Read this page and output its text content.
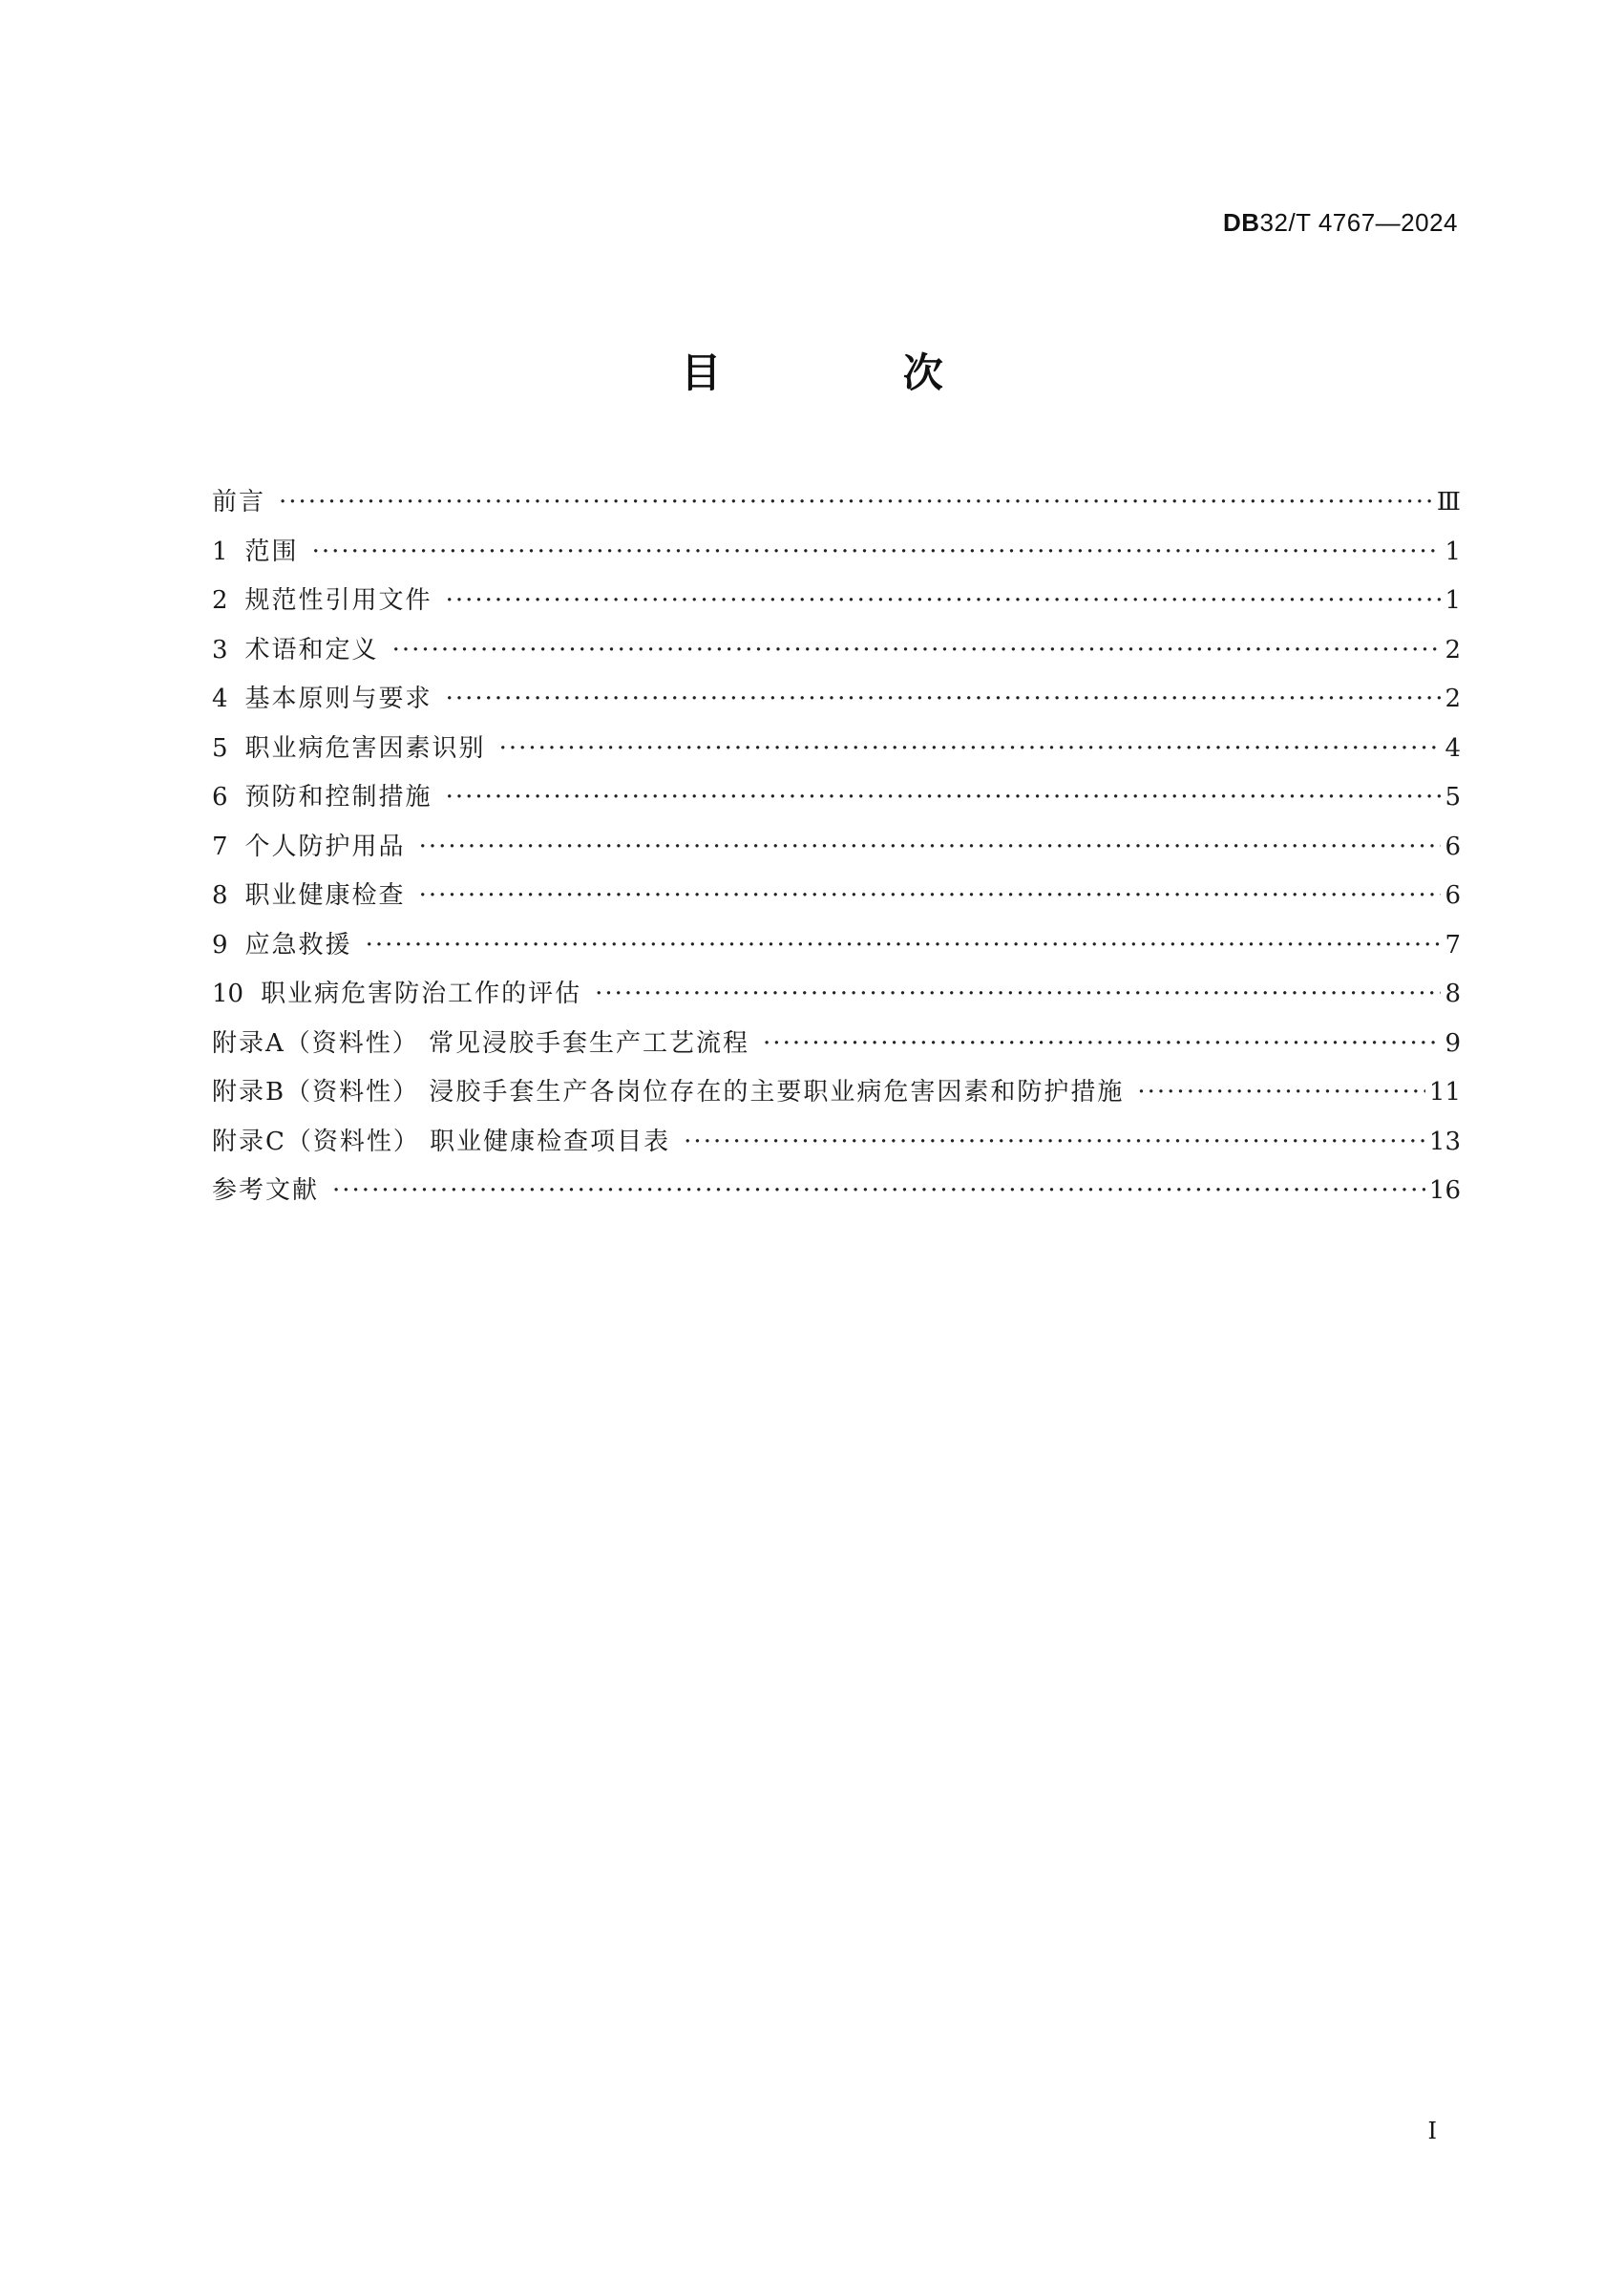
DB32/T 4767—2024
目 次
前言 ·····	Ⅲ
1 范围 ·····	1
2 规范性引用文件 ·····	1
3 术语和定义 ·····	2
4 基本原则与要求 ·····	2
5 职业病危害因素识别 ·····	4
6 预防和控制措施 ·····	5
7 个人防护用品 ·····	6
8 职业健康检查 ·····	6
9 应急救援 ·····	7
10 职业病危害防治工作的评估 ·····	8
附录A（资料性） 常见浸胶手套生产工艺流程 ·····	9
附录B（资料性） 浸胶手套生产各岗位存在的主要职业病危害因素和防护措施 ·····	11
附录C（资料性） 职业健康检查项目表 ·····	13
参考文献 ·····	16
I
